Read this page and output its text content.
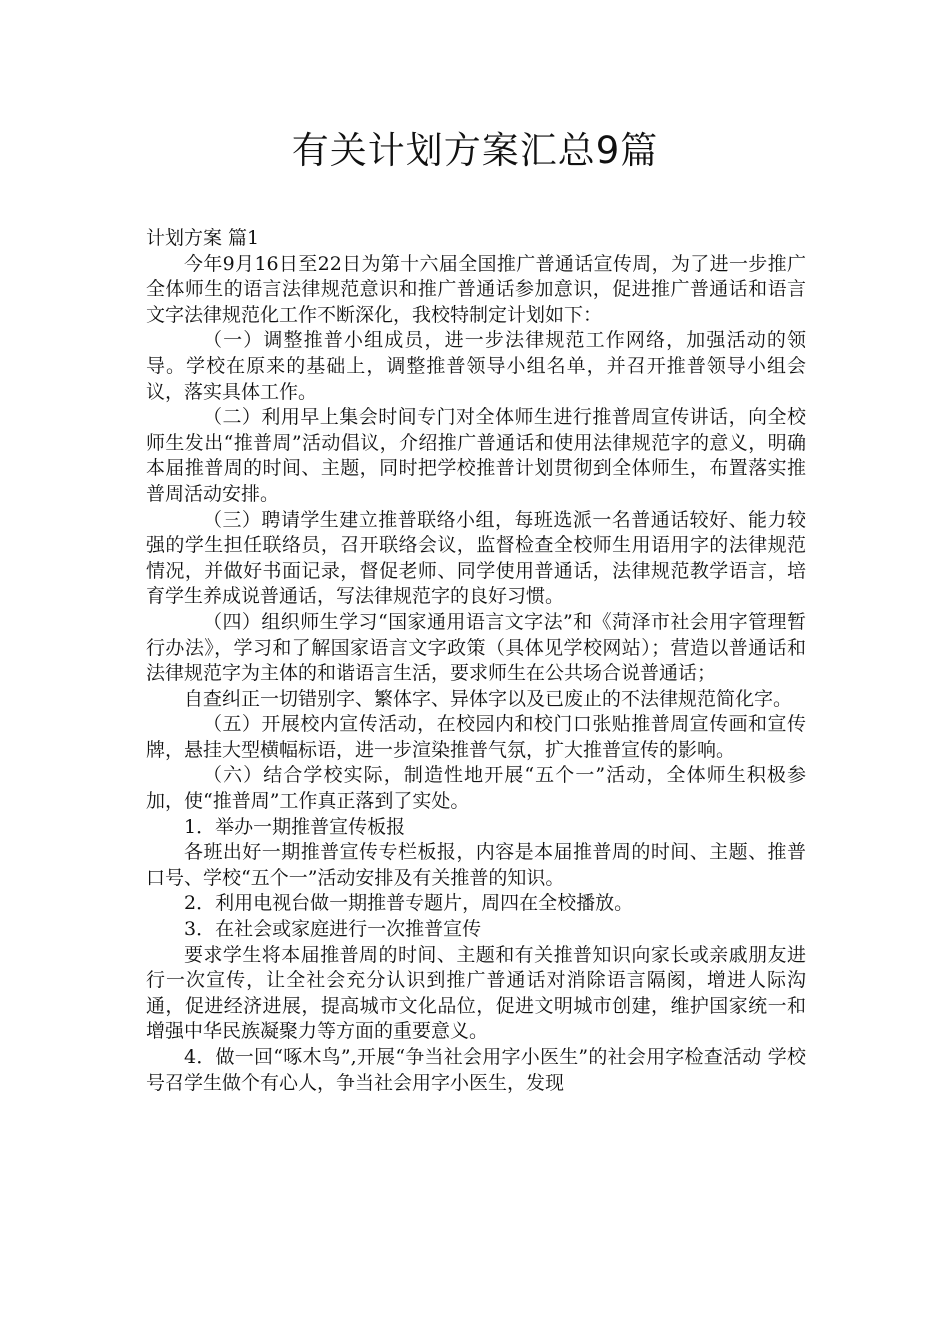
有关计划方案汇总9篇

计划方案 篇1

今年9月16日至22日为第十六届全国推广普通话宣传周，为了进一步推广全体师生的语言法律规范意识和推广普通话参加意识，促进推广普通话和语言文字法律规范化工作不断深化，我校特制定计划如下：

（一）调整推普小组成员，进一步法律规范工作网络，加强活动的领导。学校在原来的基础上，调整推普领导小组名单，并召开推普领导小组会议，落实具体工作。

（二）利用早上集会时间专门对全体师生进行推普周宣传讲话，向全校师生发出“推普周”活动倡议，介绍推广普通话和使用法律规范字的意义，明确本届推普周的时间、主题，同时把学校推普计划贯彻到全体师生，布置落实推普周活动安排。

（三）聘请学生建立推普联络小组，每班选派一名普通话较好、能力较强的学生担任联络员，召开联络会议，监督检查全校师生用语用字的法律规范情况，并做好书面记录，督促老师、同学使用普通话，法律规范教学语言，培育学生养成说普通话，写法律规范字的良好习惯。

（四）组织师生学习“国家通用语言文字法”和《菏泽市社会用字管理暂行办法》，学习和了解国家语言文字政策（具体见学校网站）；营造以普通话和法律规范字为主体的和谐语言生活，要求师生在公共场合说普通话；

自查纠正一切错别字、繁体字、异体字以及已废止的不法律规范简化字。

（五）开展校内宣传活动，在校园内和校门口张贴推普周宣传画和宣传牌，悬挂大型横幅标语，进一步渲染推普气氛，扩大推普宣传的影响。

（六）结合学校实际，制造性地开展“五个一”活动，全体师生积极参加，使“推普周”工作真正落到了实处。

1．举办一期推普宣传板报

各班出好一期推普宣传专栏板报，内容是本届推普周的时间、主题、推普口号、学校“五个一”活动安排及有关推普的知识。

2．利用电视台做一期推普专题片，周四在全校播放。

3．在社会或家庭进行一次推普宣传

要求学生将本届推普周的时间、主题和有关推普知识向家长或亲戚朋友进行一次宣传，让全社会充分认识到推广普通话对消除语言隔阂，增进人际沟通，促进经济进展，提高城市文化品位，促进文明城市创建，维护国家统一和增强中华民族凝聚力等方面的重要意义。

4．做一回“啄木鸟”,开展“争当社会用字小医生”的社会用字检查活动 学校号召学生做个有心人，争当社会用字小医生，发现
